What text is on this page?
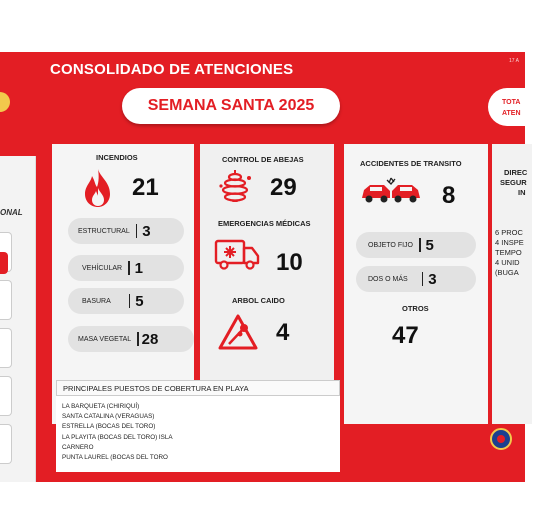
ONAL
CONSOLIDADO DE ATENCIONES	17 A
SEMANA SANTA 2025	TOTA
ATEN
INCENDIOS
21
ESTRUCTURAL 3
VEHÍCULAR 1
BASURA 5
MASA VEGETAL 28
CONTROL DE ABEJAS
29
EMERGENCIAS MÉDICAS
10
ARBOL CAIDO
4
ACCIDENTES DE TRANSITO
8
OBJETO FIJO 5
DOS O MÁS 3
OTROS
47
DIREC
SEGUR
IN
6 PROC
4 INSPE
TEMPO
4 UNID
(BUGA
PRINCIPALES PUESTOS DE COBERTURA EN PLAYA
LA BARQUETA (CHIRIQUÍ)
SANTA CATALINA (VERAGUAS)
ESTRELLA (BOCAS DEL TORO)
LA PLAYITA (BOCAS DEL TORO) ISLA
CARNERO
PUNTA LAUREL (BOCAS DEL TORO
